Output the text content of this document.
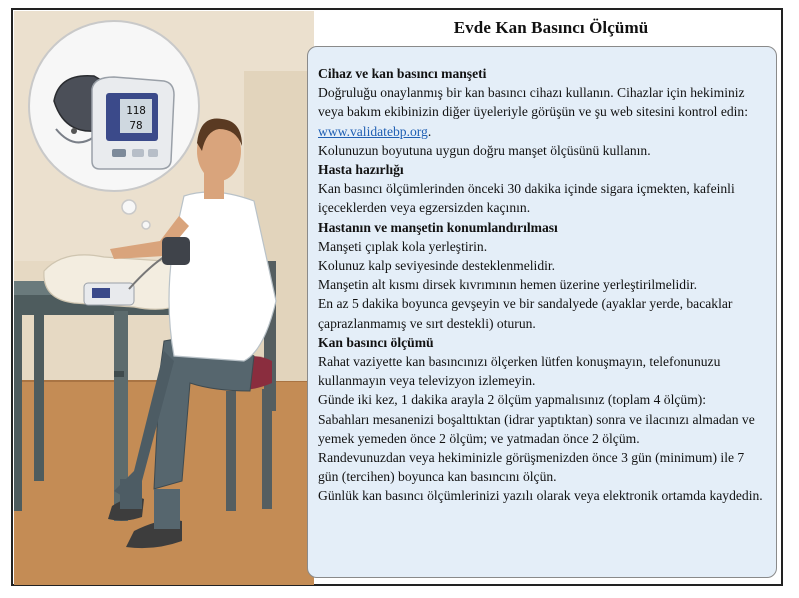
118
78
Evde Kan Basıncı Ölçümü
Cihaz ve kan basıncı manşeti

Doğruluğu onaylanmış bir kan basıncı cihazı kullanın. Cihazlar için hekiminiz veya bakım ekibinizin diğer üyeleriyle görüşün ve şu web sitesini kontrol edin: www.validatebp.org.

Kolunuzun boyutuna uygun doğru manşet ölçüsünü kullanın.

Hasta hazırlığı

Kan basıncı ölçümlerinden önceki 30 dakika içinde sigara içmekten, kafeinli içeceklerden veya egzersizden kaçının.

Hastanın ve manşetin konumlandırılması

Manşeti çıplak kola yerleştirin.

Kolunuz kalp seviyesinde desteklenmelidir.

Manşetin alt kısmı dirsek kıvrımının hemen üzerine yerleştirilmelidir.

En az 5 dakika boyunca gevşeyin ve bir sandalyede (ayaklar yerde, bacaklar çaprazlanmamış ve sırt destekli) oturun.

Kan basıncı ölçümü

Rahat vaziyette kan basıncınızı ölçerken lütfen konuşmayın, telefonunuzu kullanmayın veya televizyon izlemeyin.

Günde iki kez, 1 dakika arayla 2 ölçüm yapmalısınız (toplam 4 ölçüm):

Sabahları mesanenizi boşalttıktan (idrar yaptıktan) sonra ve ilacınızı almadan ve yemek yemeden önce 2 ölçüm; ve yatmadan önce 2 ölçüm.

Randevunuzdan veya hekiminizle görüşmenizden önce 3 gün (minimum) ile 7 gün (tercihen) boyunca kan basıncını ölçün.

Günlük kan basıncı ölçümlerinizi yazılı olarak veya elektronik ortamda kaydedin.
